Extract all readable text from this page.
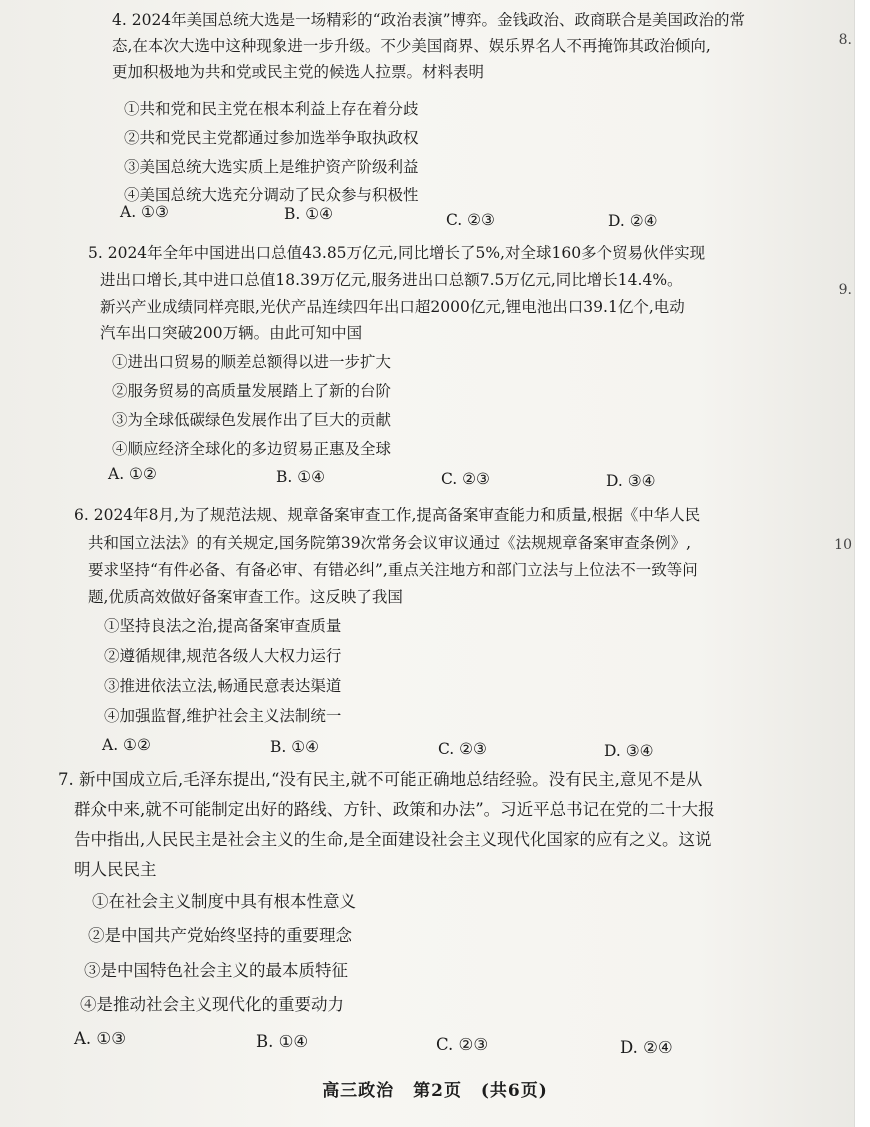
8.
9.
10
4. 2024年美国总统大选是一场精彩的“政治表演”博弈。金钱政治、政商联合是美国政治的常
态,在本次大选中这种现象进一步升级。不少美国商界、娱乐界名人不再掩饰其政治倾向,
更加积极地为共和党或民主党的候选人拉票。材料表明
①共和党和民主党在根本利益上存在着分歧
②共和党民主党都通过参加选举争取执政权
③美国总统大选实质上是维护资产阶级利益
④美国总统大选充分调动了民众参与积极性
A. ①③	B. ①④	C. ②③	D. ②④
5. 2024年全年中国进出口总值43.85万亿元,同比增长了5%,对全球160多个贸易伙伴实现
进出口增长,其中进口总值18.39万亿元,服务进出口总额7.5万亿元,同比增长14.4%。
新兴产业成绩同样亮眼,光伏产品连续四年出口超2000亿元,锂电池出口39.1亿个,电动
汽车出口突破200万辆。由此可知中国
①进出口贸易的顺差总额得以进一步扩大
②服务贸易的高质量发展踏上了新的台阶
③为全球低碳绿色发展作出了巨大的贡献
④顺应经济全球化的多边贸易正惠及全球
A. ①②	B. ①④	C. ②③	D. ③④
6. 2024年8月,为了规范法规、规章备案审查工作,提高备案审查能力和质量,根据《中华人民
共和国立法法》的有关规定,国务院第39次常务会议审议通过《法规规章备案审查条例》,
要求坚持“有件必备、有备必审、有错必纠”,重点关注地方和部门立法与上位法不一致等问
题,优质高效做好备案审查工作。这反映了我国
①坚持良法之治,提高备案审查质量
②遵循规律,规范各级人大权力运行
③推进依法立法,畅通民意表达渠道
④加强监督,维护社会主义法制统一
A. ①②	B. ①④	C. ②③	D. ③④
7. 新中国成立后,毛泽东提出,“没有民主,就不可能正确地总结经验。没有民主,意见不是从
群众中来,就不可能制定出好的路线、方针、政策和办法”。习近平总书记在党的二十大报
告中指出,人民民主是社会主义的生命,是全面建设社会主义现代化国家的应有之义。这说
明人民民主
①在社会主义制度中具有根本性意义
②是中国共产党始终坚持的重要理念
③是中国特色社会主义的最本质特征
④是推动社会主义现代化的重要动力
A. ①③	B. ①④	C. ②③	D. ②④
高三政治 第2页 (共6页)
